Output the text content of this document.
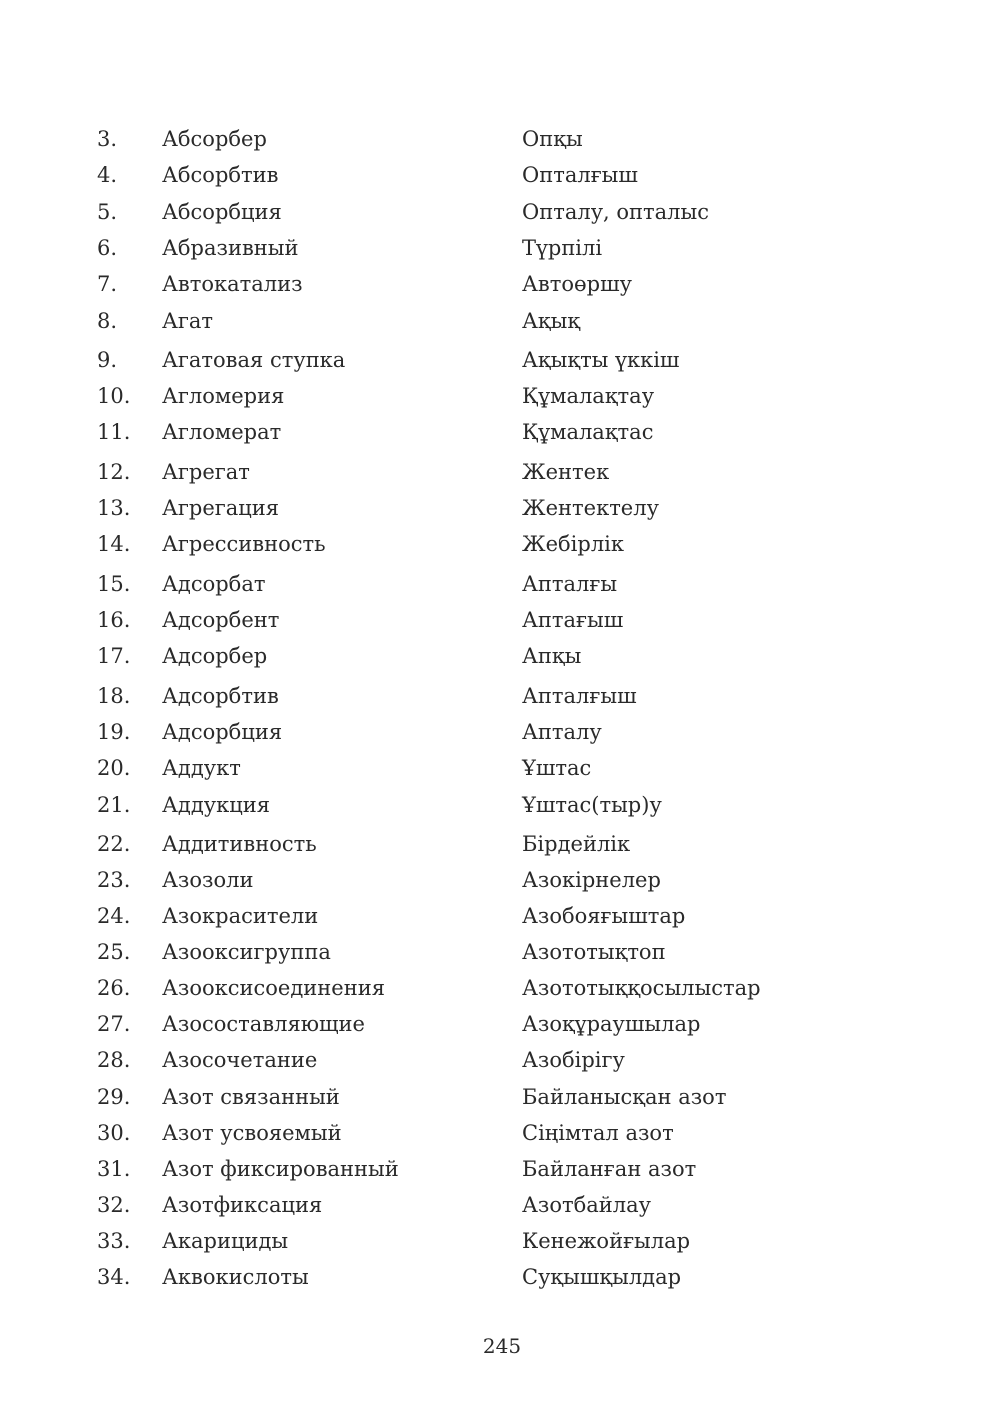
3. Абсорбер	Опқы
4. Абсорбтив	Опталғыш
5. Абсорбция	Опталу, опталыс
6. Абразивный	Түрпілі
7. Автокатализ	Автоөршу
8. Агат	Ақық
9. Агатовая ступка	Ақықты үккіш
10. Агломерия	Құмалақтау
11. Агломерат	Құмалақтас
12. Агрегат	Жентек
13. Агрегация	Жентектелу
14. Агрессивность	Жебірлік
15. Адсорбат	Апталғы
16. Адсорбент	Аптағыш
17. Адсорбер	Апқы
18. Адсорбтив	Апталғыш
19. Адсорбция	Апталу
20. Аддукт	Ұштас
21. Аддукция	Ұштас(тыр)у
22. Аддитивность	Бірдейлік
23. Азозоли	Азокірнелер
24. Азокрасители	Азобояғыштар
25. Азооксигруппа	Азототықтоп
26. Азооксисоединения	Азототыққосылыстар
27. Азосоставляющие	Азоқұраушылар
28. Азосочетание	Азобірігу
29. Азот связанный	Байланысқан азот
30. Азот усвояемый	Сіңімтал азот
31. Азот фиксированный	Байланған азот
32. Азотфиксация	Азотбайлау
33. Акарициды	Кенежойғылар
34. Аквокислоты	Суқышқылдар
245
